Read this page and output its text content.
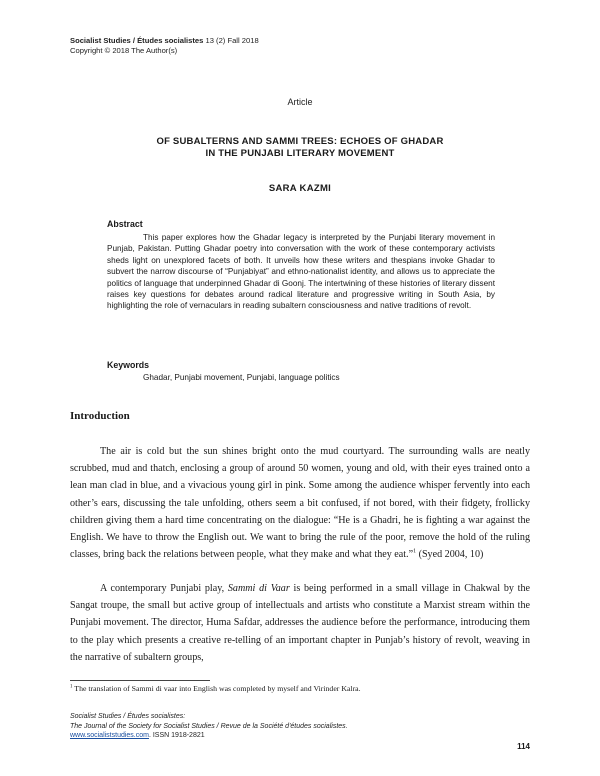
Socialist Studies / Études socialistes 13 (2) Fall 2018
Copyright © 2018 The Author(s)
Article
OF SUBALTERNS AND SAMMI TREES: ECHOES OF GHADAR
IN THE PUNJABI LITERARY MOVEMENT
SARA KAZMI
Abstract
This paper explores how the Ghadar legacy is interpreted by the Punjabi literary movement in Punjab, Pakistan. Putting Ghadar poetry into conversation with the work of these contemporary activists sheds light on unexplored facets of both. It unveils how these writers and thespians invoke Ghadar to subvert the narrow discourse of “Punjabiyat” and ethno-nationalist identity, and allows us to appreciate the politics of language that underpinned Ghadar di Goonj. The intertwining of these histories of literary dissent raises key questions for debates around radical literature and progressive writing in South Asia, by highlighting the role of vernaculars in reading subaltern consciousness and native traditions of revolt.
Keywords
Ghadar, Punjabi movement, Punjabi, language politics
Introduction
The air is cold but the sun shines bright onto the mud courtyard. The surrounding walls are neatly scrubbed, mud and thatch, enclosing a group of around 50 women, young and old, with their eyes trained onto a lean man clad in blue, and a vivacious young girl in pink. Some among the audience whisper fervently into each other’s ears, discussing the tale unfolding, others seem a bit confused, if not bored, with their fidgety, frollicky children giving them a hard time concentrating on the dialogue: “He is a Ghadri, he is fighting a war against the English. We have to throw the English out. We want to bring the rule of the poor, remove the hold of the ruling classes, bring back the relations between people, what they make and what they eat.”$^1$ (Syed 2004, 10)
A contemporary Punjabi play, Sammi di Vaar is being performed in a small village in Chakwal by the Sangat troupe, the small but active group of intellectuals and artists who constitute a Marxist stream within the Punjabi movement. The director, Huma Safdar, addresses the audience before the performance, introducing them to the play which presents a creative re-telling of an important chapter in Punjab’s history of revolt, weaving in the narrative of subaltern groups,
$^1$ The translation of Sammi di vaar into English was completed by myself and Virinder Kalra.
Socialist Studies / Études socialistes:
The Journal of the Society for Socialist Studies / Revue de la Société d'études socialistes.
www.socialiststudies.com. ISSN 1918-2821
114
